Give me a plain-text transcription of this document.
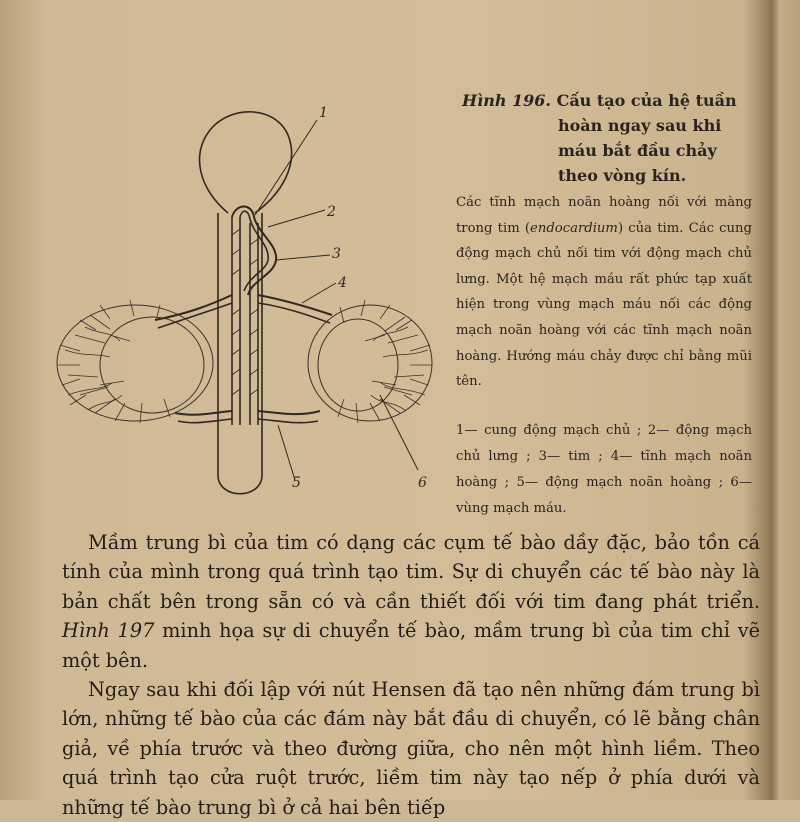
1
2
3
4
5	6
Hình 196. Cấu tạo của hệ tuần
hoàn ngay sau khi
máu bắt đầu chảy
theo vòng kín.
Các tĩnh mạch noãn hoàng nối với màng trong tim (endocardium) của tim. Các cung động mạch chủ nối tim với động mạch chủ lưng. Một hệ mạch máu rất phức tạp xuất hiện trong vùng mạch máu nối các động mạch noãn hoàng với các tĩnh mạch noãn hoàng. Hướng máu chảy được chỉ bằng mũi tên.
1— cung động mạch chủ ; 2— động mạch chủ lưng ; 3— tim ; 4— tĩnh mạch noãn hoàng ; 5— động mạch noãn hoàng ; 6— vùng mạch máu.

Mầm trung bì của tim có dạng các cụm tế bào dầy đặc, bảo tồn cá tính của mình trong quá trình tạo tim. Sự di chuyển các tế bào này là bản chất bên trong sẵn có và cần thiết đối với tim đang phát triển. Hình 197 minh họa sự di chuyển tế bào, mầm trung bì của tim chỉ vẽ một bên.

Ngay sau khi đối lập với nút Hensen đã tạo nên những đám trung bì lớn, những tế bào của các đám này bắt đầu di chuyển, có lẽ bằng chân giả, về phía trước và theo đường giữa, cho nên một hình liềm. Theo quá trình tạo cửa ruột trước, liềm tim này tạo nếp ở phía dưới và những tế bào trung bì ở cả hai bên tiếp
